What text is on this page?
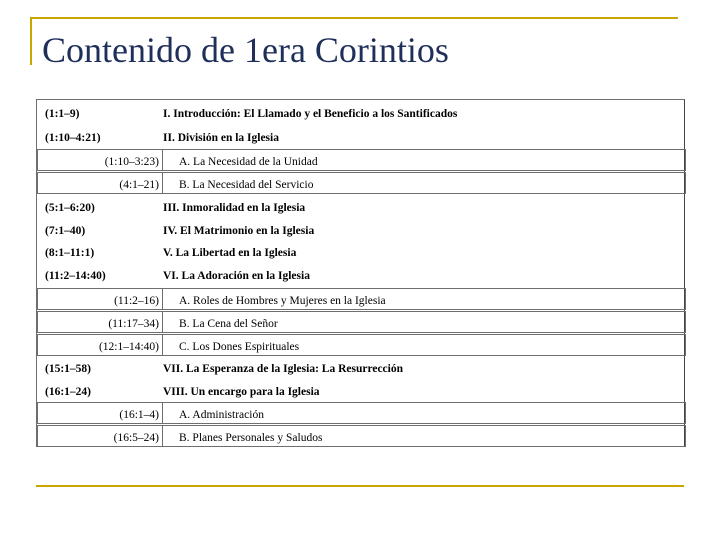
Contenido de 1era Corintios
(1:1–9)	I. Introducción: El Llamado y el Beneficio a los Santificados
(1:10–4:21)	II. División en la Iglesia
(1:10–3:23) A. La Necesidad de la Unidad
(4:1–21) B. La Necesidad del Servicio
(5:1–6:20)	III. Inmoralidad en la Iglesia
(7:1–40)	IV. El Matrimonio en la Iglesia
(8:1–11:1)	V. La Libertad en la Iglesia
(11:2–14:40)	VI. La Adoración en la Iglesia
(11:2–16) A. Roles de Hombres y Mujeres en la Iglesia
(11:17–34) B. La Cena del Señor
(12:1–14:40) C. Los Dones Espirituales
(15:1–58)	VII. La Esperanza de la Iglesia: La Resurrección
(16:1–24)	VIII. Un encargo para la Iglesia
(16:1–4) A. Administración
(16:5–24) B. Planes Personales y Saludos
